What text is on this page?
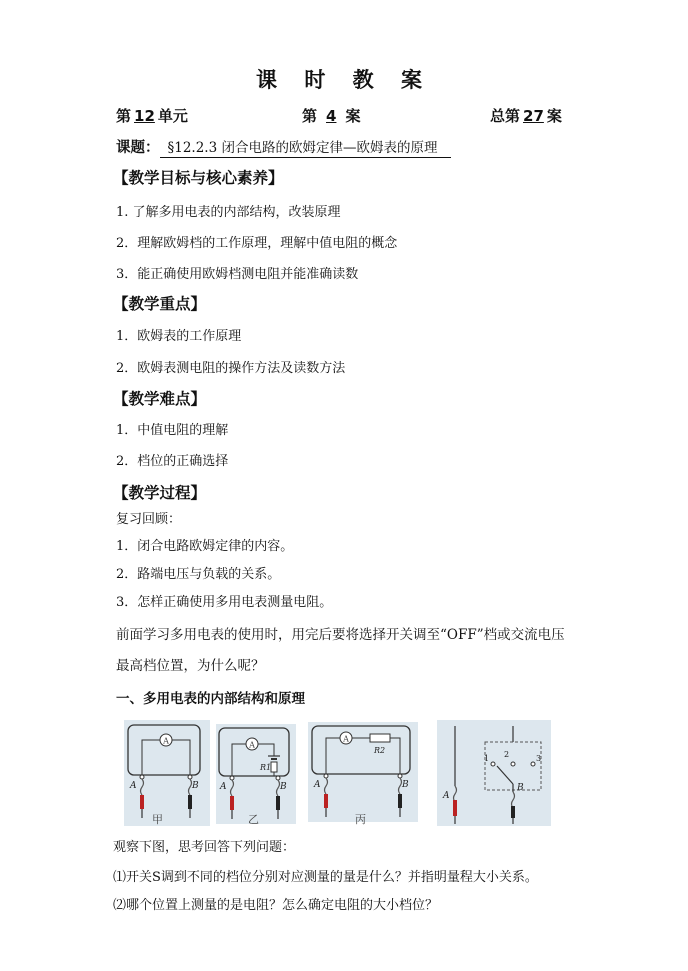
课 时 教 案
第 12 单元	第 4 案	总第 27 案
课题： §12.2.3 闭合电路的欧姆定律—欧姆表的原理
【教学目标与核心素养】
1. 了解多用电表的内部结构，改装原理
2．理解欧姆档的工作原理，理解中值电阻的概念
3．能正确使用欧姆档测电阻并能准确读数
【教学重点】
1．欧姆表的工作原理
2．欧姆表测电阻的操作方法及读数方法
【教学难点】
1．中值电阻的理解
2．档位的正确选择
【教学过程】
复习回顾：
1．闭合电路欧姆定律的内容。
2．路端电压与负载的关系。
3．怎样正确使用多用电表测量电阻。
前面学习多用电表的使用时，用完后要将选择开关调至“OFF”档或交流电压
最高档位置，为什么呢？
一、多用电表的内部结构和原理
A
A	B
甲
A
R1
A	B
乙
A
R2
A	B
丙
1 2	3
B
A
观察下图，思考回答下列问题：
⑴开关S调到不同的档位分别对应测量的量是什么？并指明量程大小关系。
⑵哪个位置上测量的是电阻？怎么确定电阻的大小档位？
